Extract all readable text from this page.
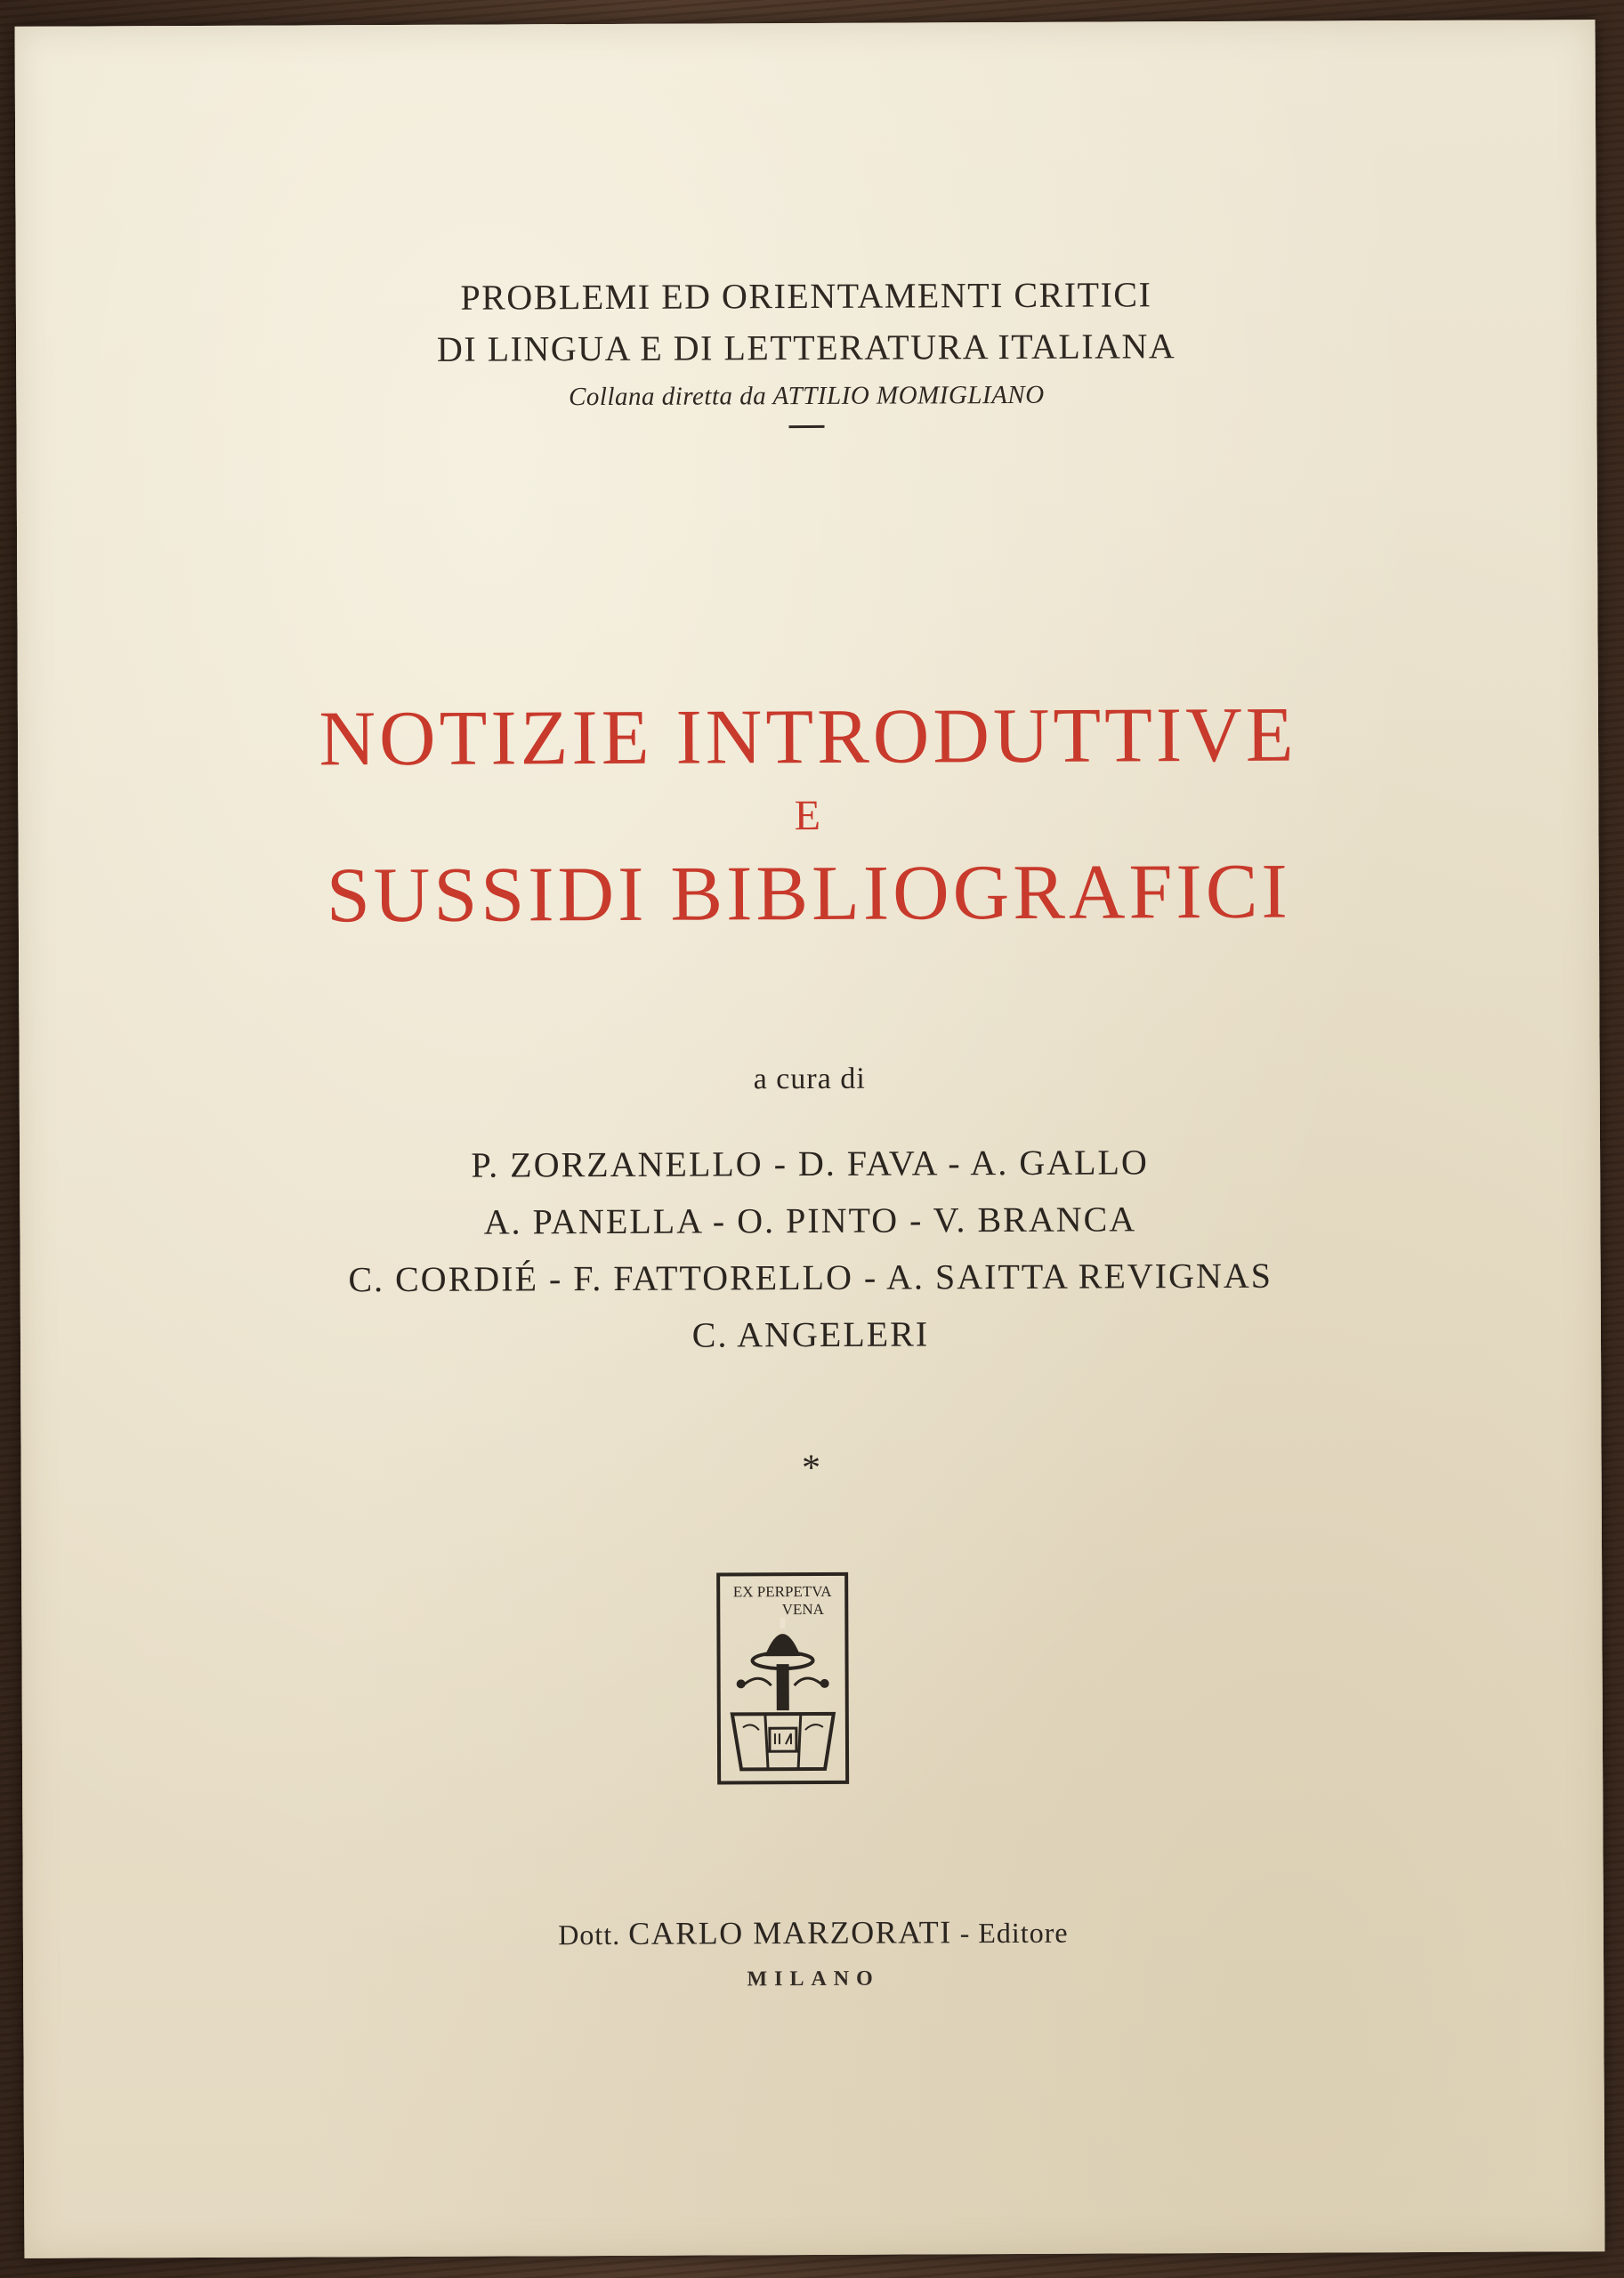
PROBLEMI ED ORIENTAMENTI CRITICI
DI LINGUA E DI LETTERATURA ITALIANA
Collana diretta da ATTILIO MOMIGLIANO
NOTIZIE INTRODUTTIVE
E
SUSSIDI BIBLIOGRAFICI
a cura di
P. ZORZANELLO - D. FAVA - A. GALLO
A. PANELLA - O. PINTO - V. BRANCA
C. CORDIÉ - F. FATTORELLO - A. SAITTA REVIGNAS
C. ANGELERI
*
EX PERPETVA
VENA
Dott. CARLO MARZORATI - Editore
MILANO
